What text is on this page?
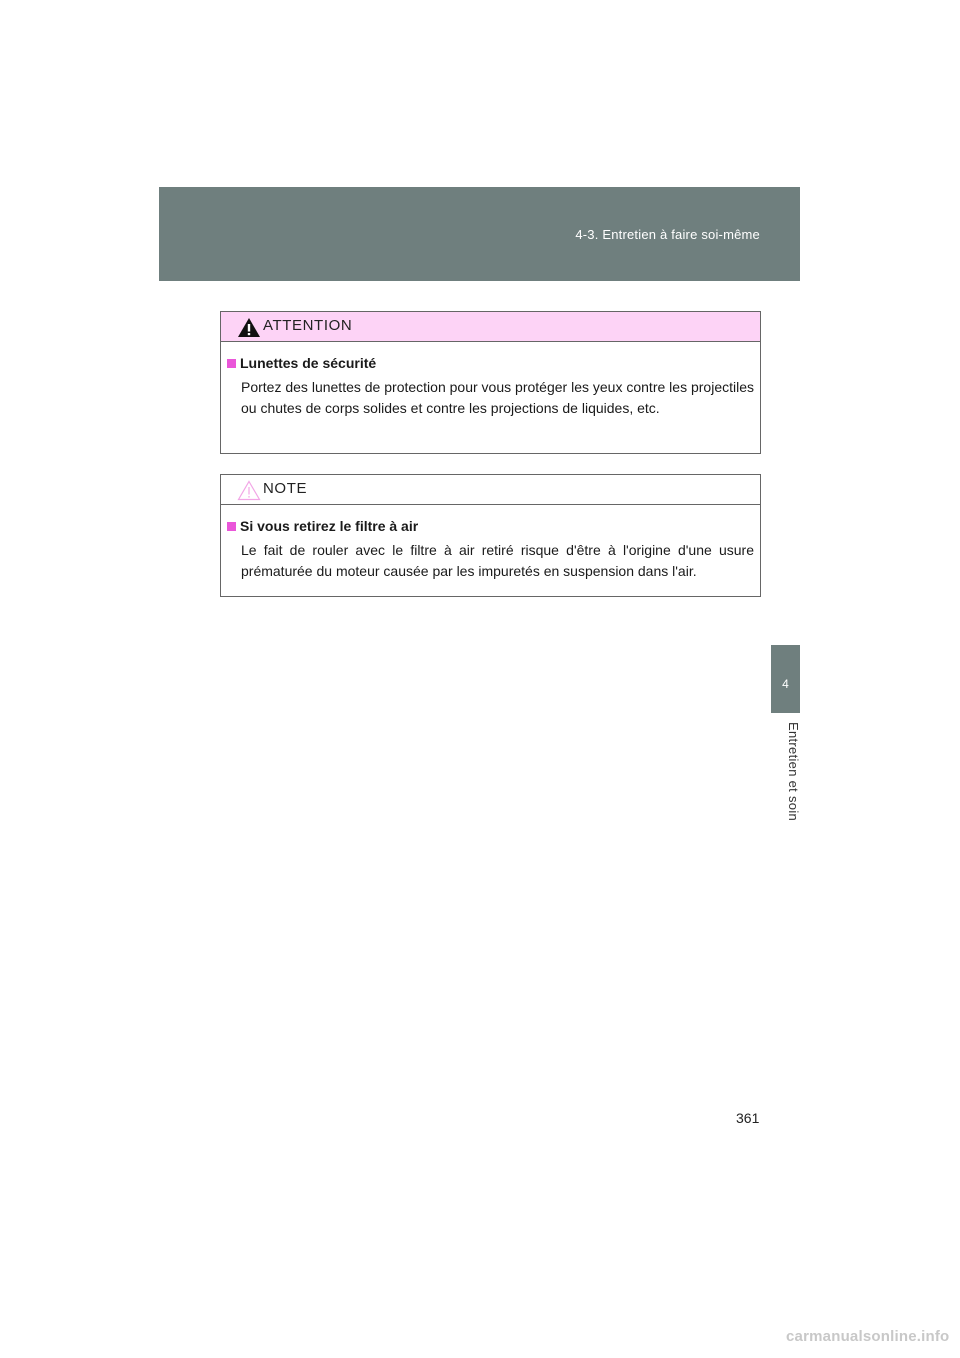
4-3. Entretien à faire soi-même
4
Entretien et soin
ATTENTION
Lunettes de sécurité

Portez des lunettes de protection pour vous protéger les yeux contre les projectiles ou chutes de corps solides et contre les projections de liquides, etc.

NOTE
Si vous retirez le filtre à air

Le fait de rouler avec le filtre à air retiré risque d'être à l'origine d'une usure prématurée du moteur causée par les impuretés en suspension dans l'air.

361
carmanualsonline.info
